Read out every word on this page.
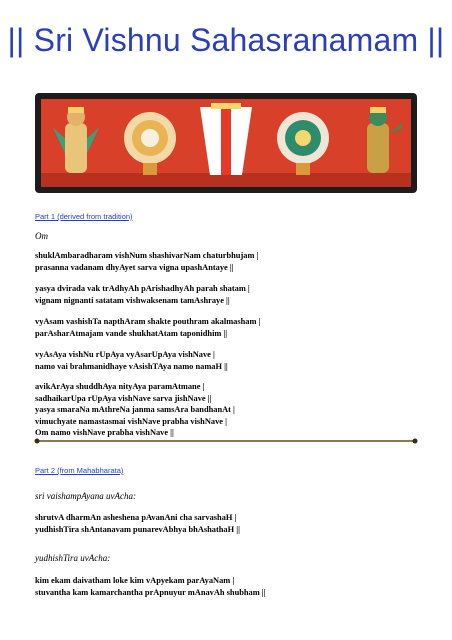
|| Sri Vishnu Sahasranamam ||
Part 1 (derived from tradition)
Om
shuklAmbaradharam vishNum shashivarNam chaturbhujam |
prasanna vadanam dhyAyet sarva vigna upashAntaye ||
yasya dvirada vak trAdhyAh pArishadhyAh parah shatam |
vignam nignanti satatam vishwaksenam tamAshraye ||
vyAsam vashishTa napthAram shakte pouthram akalmasham |
parAsharAtmajam vande shukhatAtam taponidhim ||
vyAsAya vishNu rUpAya vyAsarUpAya vishNave |
namo vai brahmanidhaye vAsishTAya namo namaH ||
avikArAya shuddhAya nityAya paramAtmane |
sadhaikarUpa rUpAya vishNave sarva jishNave ||
yasya smaraNa mAthreNa janma samsAra bandhanAt |
vimuchyate namastasmai vishNave prabha vishNave |
Om namo vishNave prabha vishNave ||
Part 2 (from Mahabharata)
sri vaishampAyana uvAcha:
shrutvA dharmAn asheshena pAvanAni cha sarvashaH |
yudhishTira shAntanavam punarevAbhya bhAshathaH ||
yudhishTira uvAcha:
kim ekam daivatham loke kim vApyekam parAyaNam |
stuvantha kam kamarchantha prApnuyur mAnavAh shubham ||
